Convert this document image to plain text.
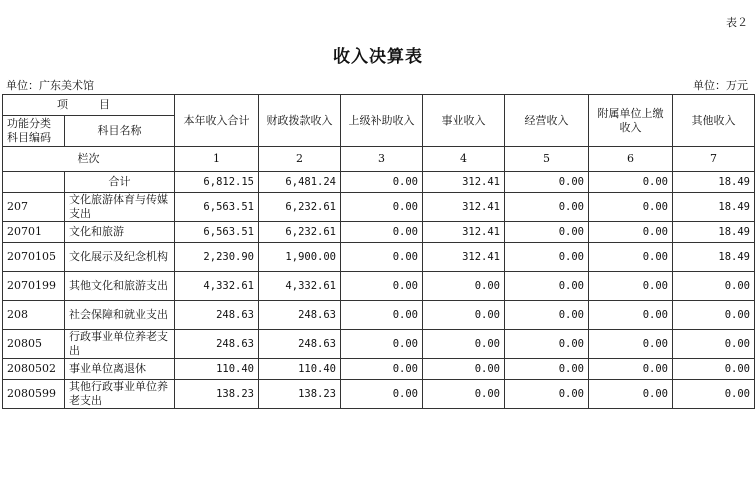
表２
收入决算表
单位：广东美术馆	单位：万元
项　目		本年收入合计	财政拨款收入	上级补助收入	事业收入	经营收入	附属单位上缴收入	其他收入
功能分类科目编码	科目名称							
栏次		1	2	3	4	5	6	7
	合计	6,812.15	6,481.24	0.00	312.41	0.00	0.00	18.49
207	文化旅游体育与传媒支出	6,563.51	6,232.61	0.00	312.41	0.00	0.00	18.49
20701	文化和旅游	6,563.51	6,232.61	0.00	312.41	0.00	0.00	18.49
2070105	文化展示及纪念机构	2,230.90	1,900.00	0.00	312.41	0.00	0.00	18.49
2070199	其他文化和旅游支出	4,332.61	4,332.61	0.00	0.00	0.00	0.00	0.00
208	社会保障和就业支出	248.63	248.63	0.00	0.00	0.00	0.00	0.00
20805	行政事业单位养老支出	248.63	248.63	0.00	0.00	0.00	0.00	0.00
2080502	事业单位离退休	110.40	110.40	0.00	0.00	0.00	0.00	0.00
2080599	其他行政事业单位养老支出	138.23	138.23	0.00	0.00	0.00	0.00	0.00
